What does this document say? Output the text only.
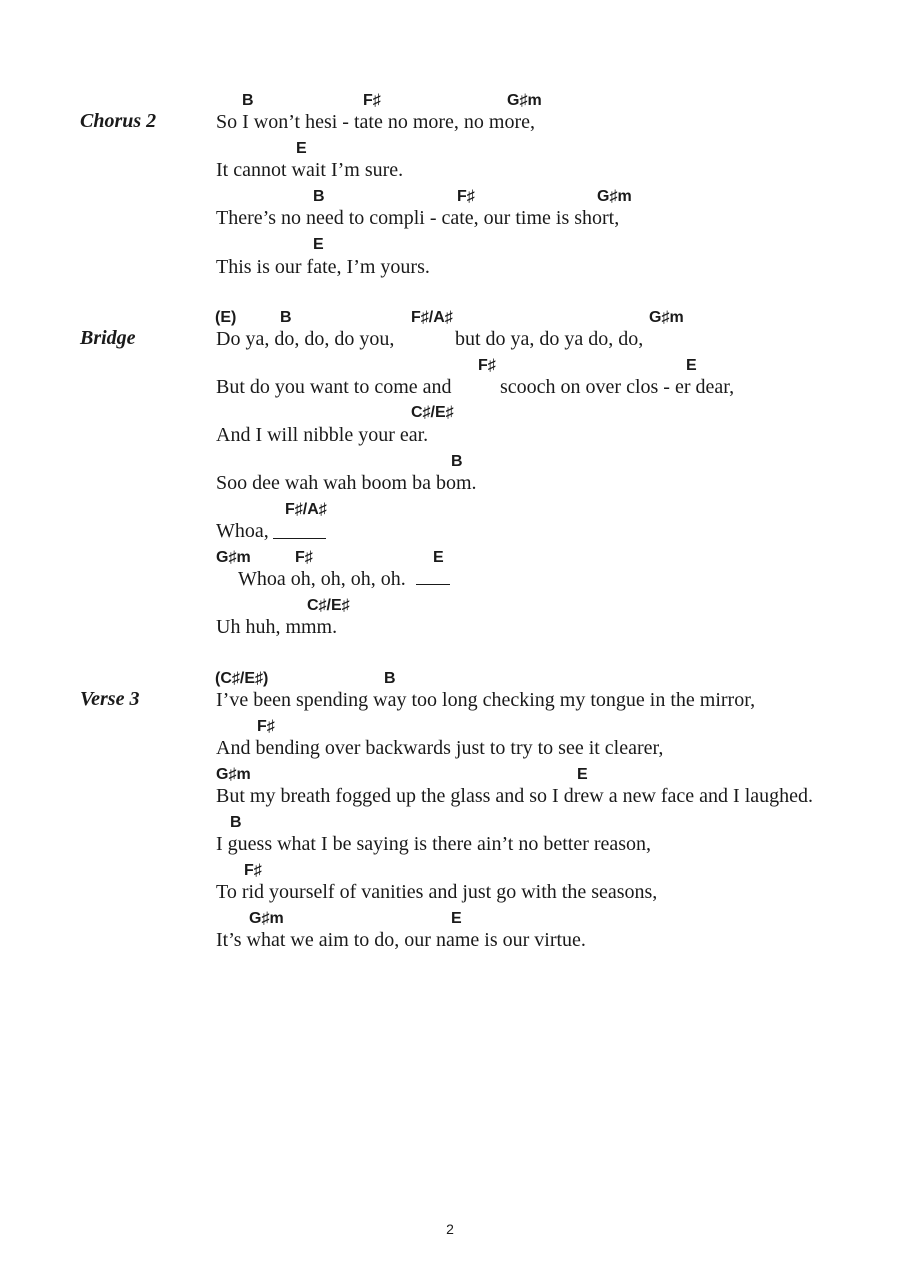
Chorus 2
B	F♯	G♯m
So I won’t hesi - tate no more, no more,
E
It cannot wait I’m sure.
B	F♯	G♯m
There’s no need to compli - cate, our time is short,
E
This is our fate, I’m yours.
Bridge
(E)	B	F♯/A♯	G♯m
Do ya, do, do, do you,	but do ya, do ya do, do,
F♯	E
But do you want to come and scooch on over clos - er dear,
C♯/E♯
And I will nibble your ear.
B
Soo dee wah wah boom ba bom.
F♯/A♯
Whoa,
G♯m	F♯	E
Whoa oh, oh, oh, oh.
C♯/E♯
Uh huh, mmm.
Verse 3
(C♯/E♯)	B
I’ve been spending way too long checking my tongue in the mirror,
F♯
And bending over backwards just to try to see it clearer,
G♯m	E
But my breath fogged up the glass and so I drew a new face and I laughed.
B
I guess what I be saying is there ain’t no better reason,
F♯
To rid yourself of vanities and just go with the seasons,
G♯m	E
It’s what we aim to do, our name is our virtue.
2
